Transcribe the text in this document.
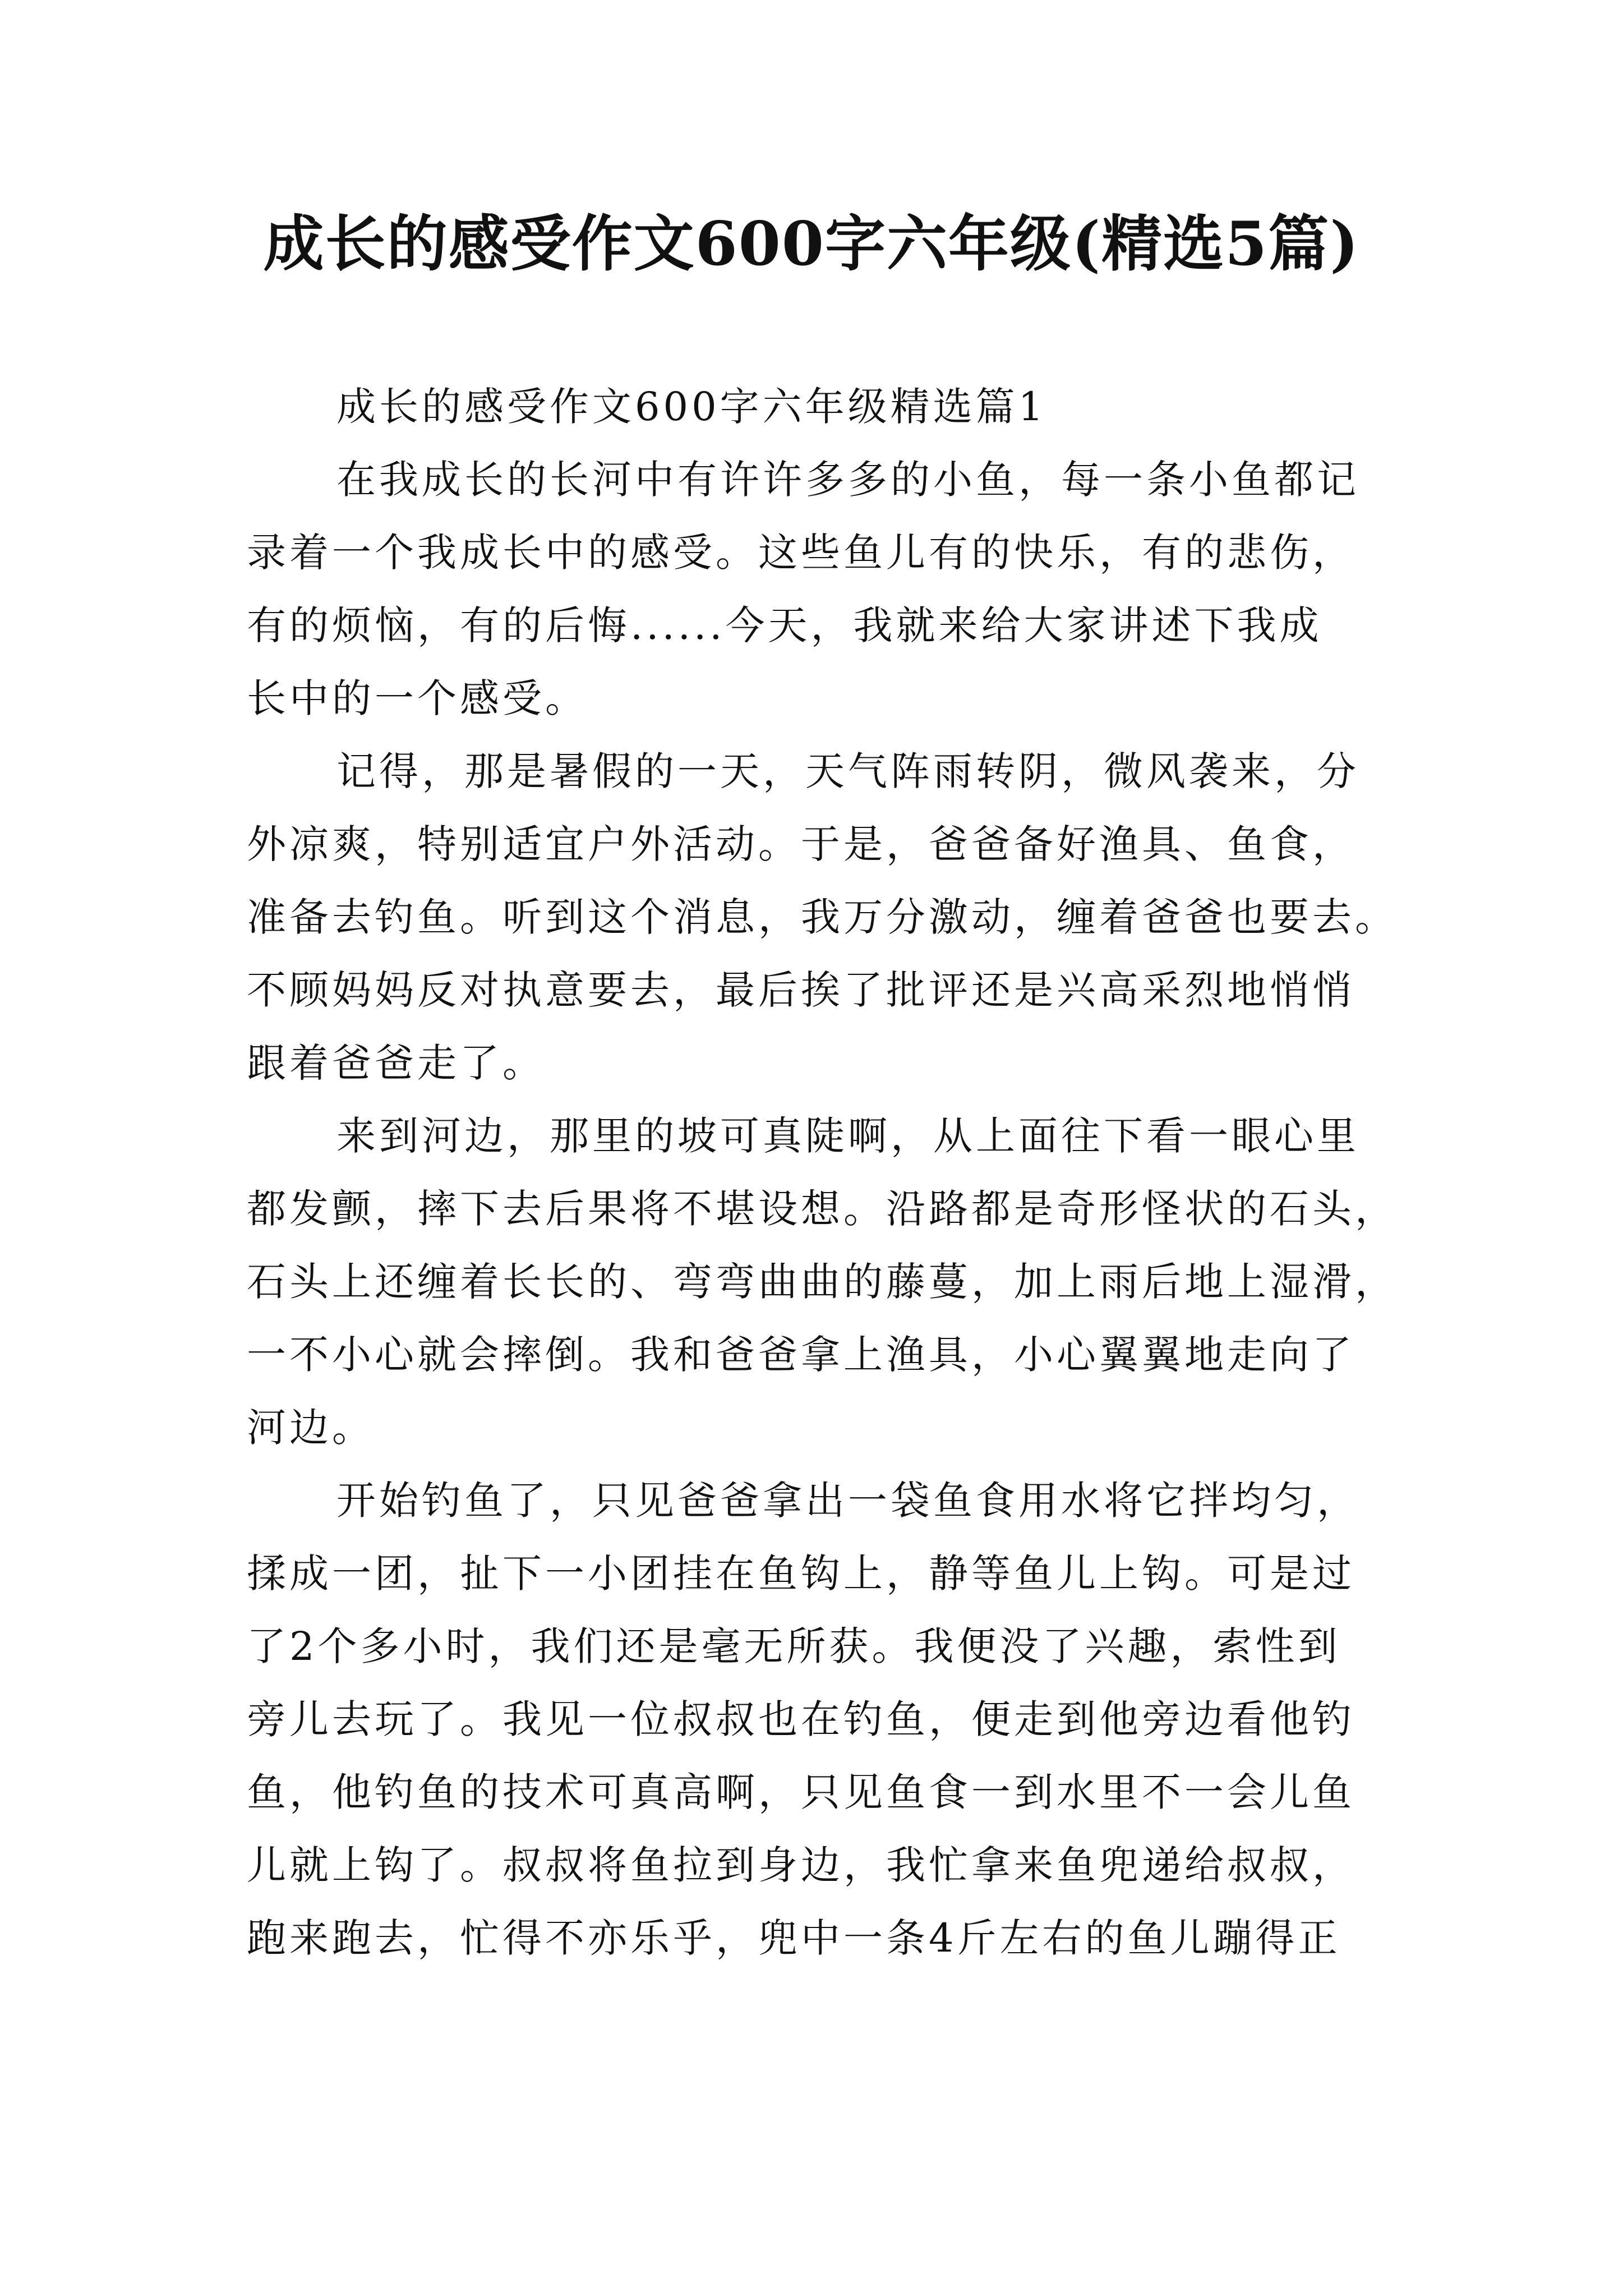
成长的感受作文600字六年级(精选5篇)

成长的感受作文600字六年级精选篇1

在我成长的长河中有许许多多的小鱼，每一条小鱼都记
录着一个我成长中的感受。这些鱼儿有的快乐，有的悲伤，
有的烦恼，有的后悔......今天，我就来给大家讲述下我成
长中的一个感受。

记得，那是暑假的一天，天气阵雨转阴，微风袭来，分
外凉爽，特别适宜户外活动。于是，爸爸备好渔具、鱼食，
准备去钓鱼。听到这个消息，我万分激动，缠着爸爸也要去。
不顾妈妈反对执意要去，最后挨了批评还是兴高采烈地悄悄
跟着爸爸走了。

来到河边，那里的坡可真陡啊，从上面往下看一眼心里
都发颤，摔下去后果将不堪设想。沿路都是奇形怪状的石头，
石头上还缠着长长的、弯弯曲曲的藤蔓，加上雨后地上湿滑，
一不小心就会摔倒。我和爸爸拿上渔具，小心翼翼地走向了
河边。

开始钓鱼了，只见爸爸拿出一袋鱼食用水将它拌均匀，
揉成一团，扯下一小团挂在鱼钩上，静等鱼儿上钩。可是过
了2个多小时，我们还是毫无所获。我便没了兴趣，索性到
旁儿去玩了。我见一位叔叔也在钓鱼，便走到他旁边看他钓
鱼，他钓鱼的技术可真高啊，只见鱼食一到水里不一会儿鱼
儿就上钩了。叔叔将鱼拉到身边，我忙拿来鱼兜递给叔叔，
跑来跑去，忙得不亦乐乎，兜中一条4斤左右的鱼儿蹦得正
